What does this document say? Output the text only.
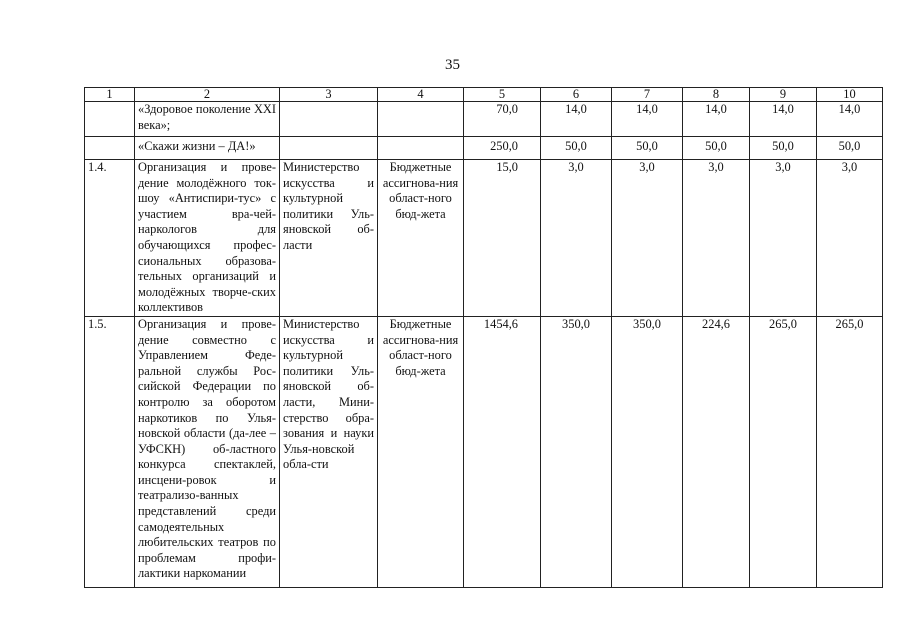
35
1	2	3	4	5	6	7	8	9	10
	«Здоровое поколение XXI века»;			70,0	14,0	14,0	14,0	14,0	14,0
	«Скажи жизни – ДА!»			250,0	50,0	50,0	50,0	50,0	50,0
1.4.	Организация и прове-дение молодёжного ток-шоу «Антиспири-тус» с участием вра-чей-наркологов для обучающихся профес-сиональных образова-тельных организаций и молодёжных творче-ских коллективов	Министерство искусства и культурной политики Уль-яновской об-ласти	Бюджетные ассигнова-ния област-ного бюд-жета	15,0	3,0	3,0	3,0	3,0	3,0
1.5.	Организация и прове-дение совместно с Управлением Феде-ральной службы Рос-сийской Федерации по контролю за оборотом наркотиков по Улья-новской области (да-лее – УФСКН) об-ластного конкурса спектаклей, инсцени-ровок и театрализо-ванных представлений среди самодеятельных любительских театров по проблемам профи-лактики наркомании	Министерство искусства и культурной политики Уль-яновской об-ласти, Мини-стерство обра-зования и науки Улья-новской обла-сти	Бюджетные ассигнова-ния област-ного бюд-жета	1454,6	350,0	350,0	224,6	265,0	265,0
